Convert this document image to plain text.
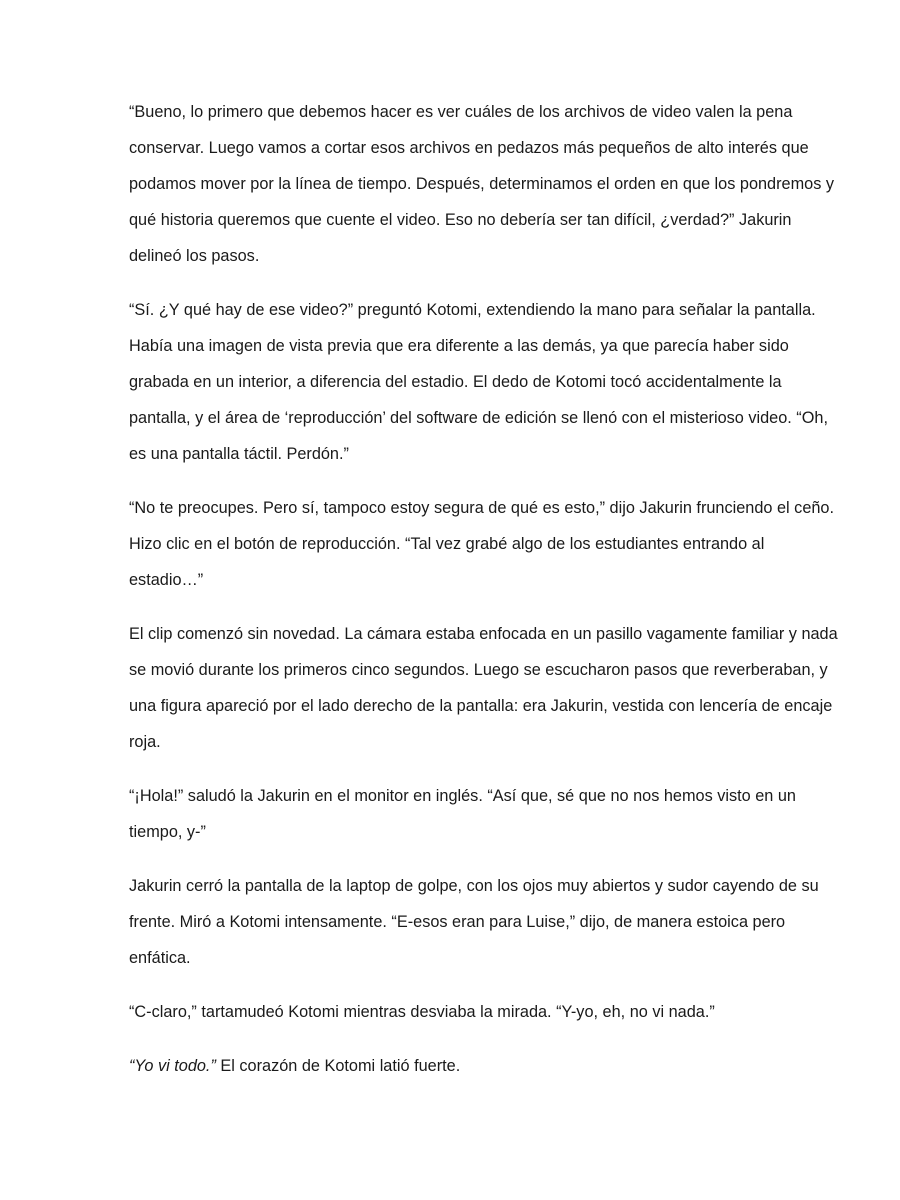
“Bueno, lo primero que debemos hacer es ver cuáles de los archivos de video valen la pena conservar. Luego vamos a cortar esos archivos en pedazos más pequeños de alto interés que podamos mover por la línea de tiempo. Después, determinamos el orden en que los pondremos y qué historia queremos que cuente el video. Eso no debería ser tan difícil, ¿verdad?” Jakurin delineó los pasos.

“Sí. ¿Y qué hay de ese video?” preguntó Kotomi, extendiendo la mano para señalar la pantalla. Había una imagen de vista previa que era diferente a las demás, ya que parecía haber sido grabada en un interior, a diferencia del estadio. El dedo de Kotomi tocó accidentalmente la pantalla, y el área de ‘reproducción’ del software de edición se llenó con el misterioso video. “Oh, es una pantalla táctil. Perdón.”

“No te preocupes. Pero sí, tampoco estoy segura de qué es esto,” dijo Jakurin frunciendo el ceño. Hizo clic en el botón de reproducción. “Tal vez grabé algo de los estudiantes entrando al estadio…”

El clip comenzó sin novedad. La cámara estaba enfocada en un pasillo vagamente familiar y nada se movió durante los primeros cinco segundos. Luego se escucharon pasos que reverberaban, y una figura apareció por el lado derecho de la pantalla: era Jakurin, vestida con lencería de encaje roja.

“¡Hola!” saludó la Jakurin en el monitor en inglés. “Así que, sé que no nos hemos visto en un tiempo, y-”

Jakurin cerró la pantalla de la laptop de golpe, con los ojos muy abiertos y sudor cayendo de su frente. Miró a Kotomi intensamente. “E-esos eran para Luise,” dijo, de manera estoica pero enfática.

“C-claro,” tartamudeó Kotomi mientras desviaba la mirada. “Y-yo, eh, no vi nada.”

“Yo vi todo.” El corazón de Kotomi latió fuerte.
